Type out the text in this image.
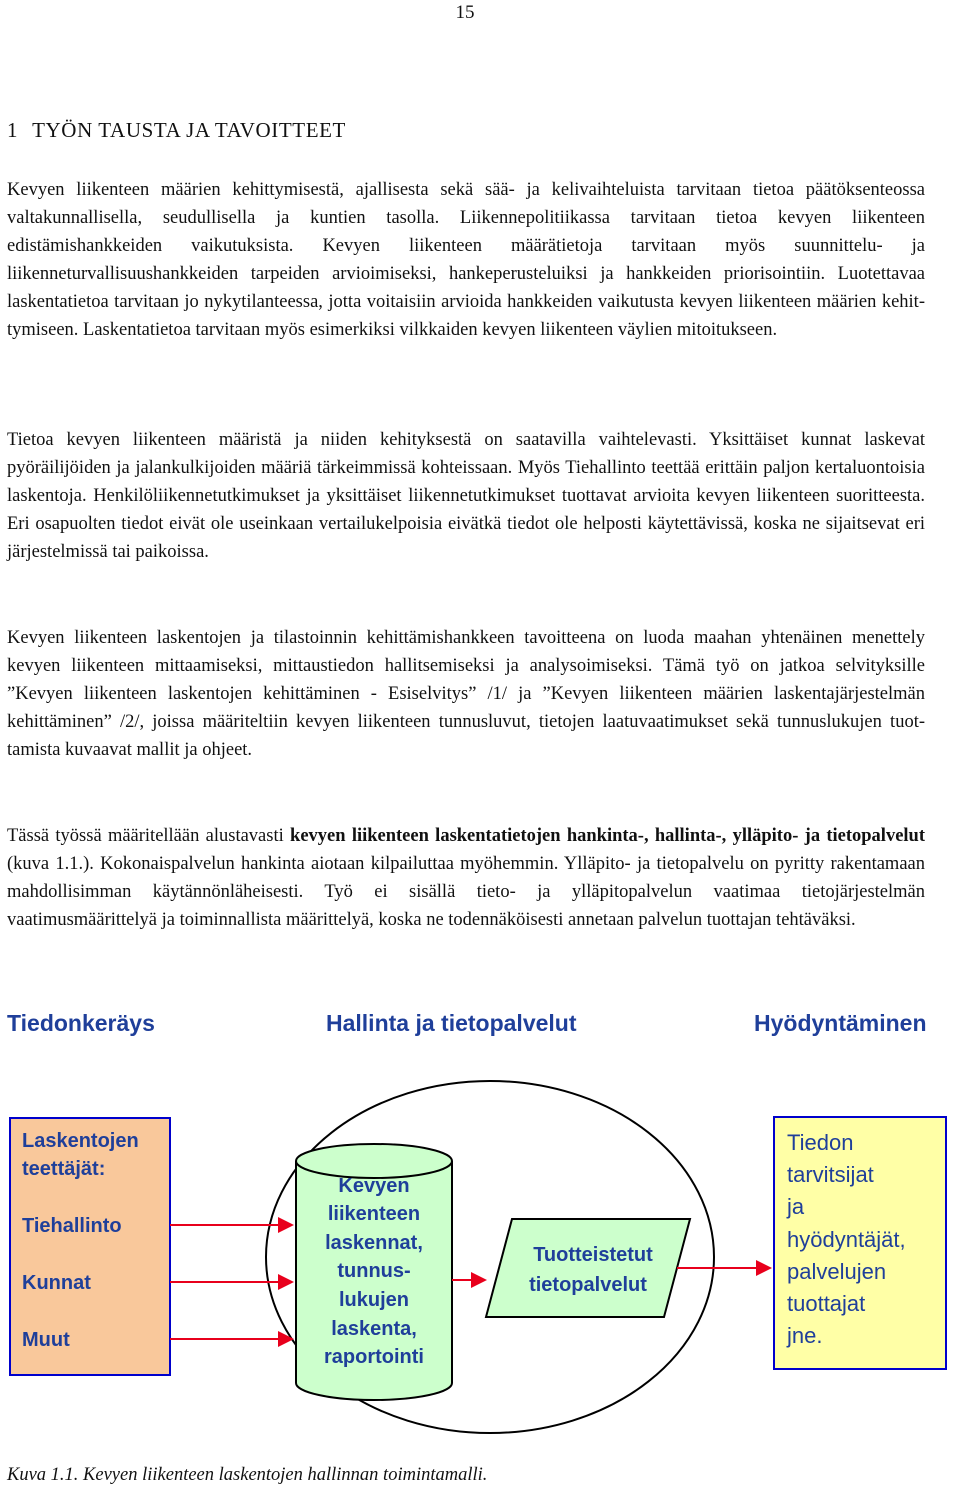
15
1 TYÖN TAUSTA JA TAVOITTEET

Kevyen liikenteen määrien kehittymisestä, ajallisesta sekä sää- ja kelivaihteluista tarvitaan tietoa päätöksenteossa valtakunnallisella, seudullisella ja kuntien tasolla. Liikennepolitiikassa tarvitaan tietoa kevyen liikenteen edistämishankkeiden vaikutuksista. Kevyen liikenteen määrätietoja tarvitaan myös suunnittelu- ja liikenneturvallisuushankkeiden tarpeiden arvioimiseksi, hankeperusteluiksi ja hankkeiden priorisointiin. Luotettavaa laskentatietoa tarvitaan jo nykytilanteessa, jotta voitaisiin arvioida hankkeiden vaikutusta kevyen liikenteen määrien kehittymiseen. Laskentatietoa tarvitaan myös esimerkiksi vilkkaiden kevyen liikenteen väylien mitoitukseen.

Tietoa kevyen liikenteen määristä ja niiden kehityksestä on saatavilla vaihtelevasti. Yksittäiset kunnat laskevat pyöräilijöiden ja jalankulkijoiden määriä tärkeimmissä kohteissaan. Myös Tiehallinto teettää erittäin paljon kertaluontoisia laskentoja. Henkilöliikennetutkimukset ja yksittäiset liikennetutkimukset tuottavat arvioita kevyen liikenteen suoritteesta. Eri osapuolten tiedot eivät ole useinkaan vertailukelpoisia eivätkä tiedot ole helposti käytettävissä, koska ne sijaitsevat eri järjestelmissä tai paikoissa.

Kevyen liikenteen laskentojen ja tilastoinnin kehittämishankkeen tavoitteena on luoda maahan yhtenäinen menettely kevyen liikenteen mittaamiseksi, mittaustiedon hallitsemiseksi ja analysoimiseksi. Tämä työ on jatkoa selvityksille ”Kevyen liikenteen laskentojen kehittäminen - Esiselvitys” /1/ ja ”Kevyen liikenteen määrien laskentajärjestelmän kehittäminen” /2/, joissa määriteltiin kevyen liikenteen tunnusluvut, tietojen laatuvaatimukset sekä tunnuslukujen tuottamista kuvaavat mallit ja ohjeet.

Tässä työssä määritellään alustavasti kevyen liikenteen laskentatietojen hankinta-, hallinta-, ylläpito- ja tietopalvelut (kuva 1.1.). Kokonaispalvelun hankinta aiotaan kilpailuttaa myöhemmin. Ylläpito- ja tietopalvelu on pyritty rakentamaan mahdollisimman käytännönläheisesti. Työ ei sisällä tieto- ja ylläpitopalvelun vaatimaa tietojärjestelmän vaatimusmäärittelyä ja toiminnallista määrittelyä, koska ne todennäköisesti annetaan palvelun tuottajan tehtäväksi.

Tiedonkeräys	Hallinta ja tietopalvelut	Hyödyntäminen
Laskentojen
teettäjät:
Tiehallinto
Kunnat
Muut
Kevyen
liikenteen
laskennat,
tunnus-
lukujen
laskenta,
raportointi
Tuotteistetut
tietopalvelut
Tiedon
tarvitsijat
ja
hyödyntäjät,
palvelujen
tuottajat
jne.
Kuva 1.1. Kevyen liikenteen laskentojen hallinnan toimintamalli.
